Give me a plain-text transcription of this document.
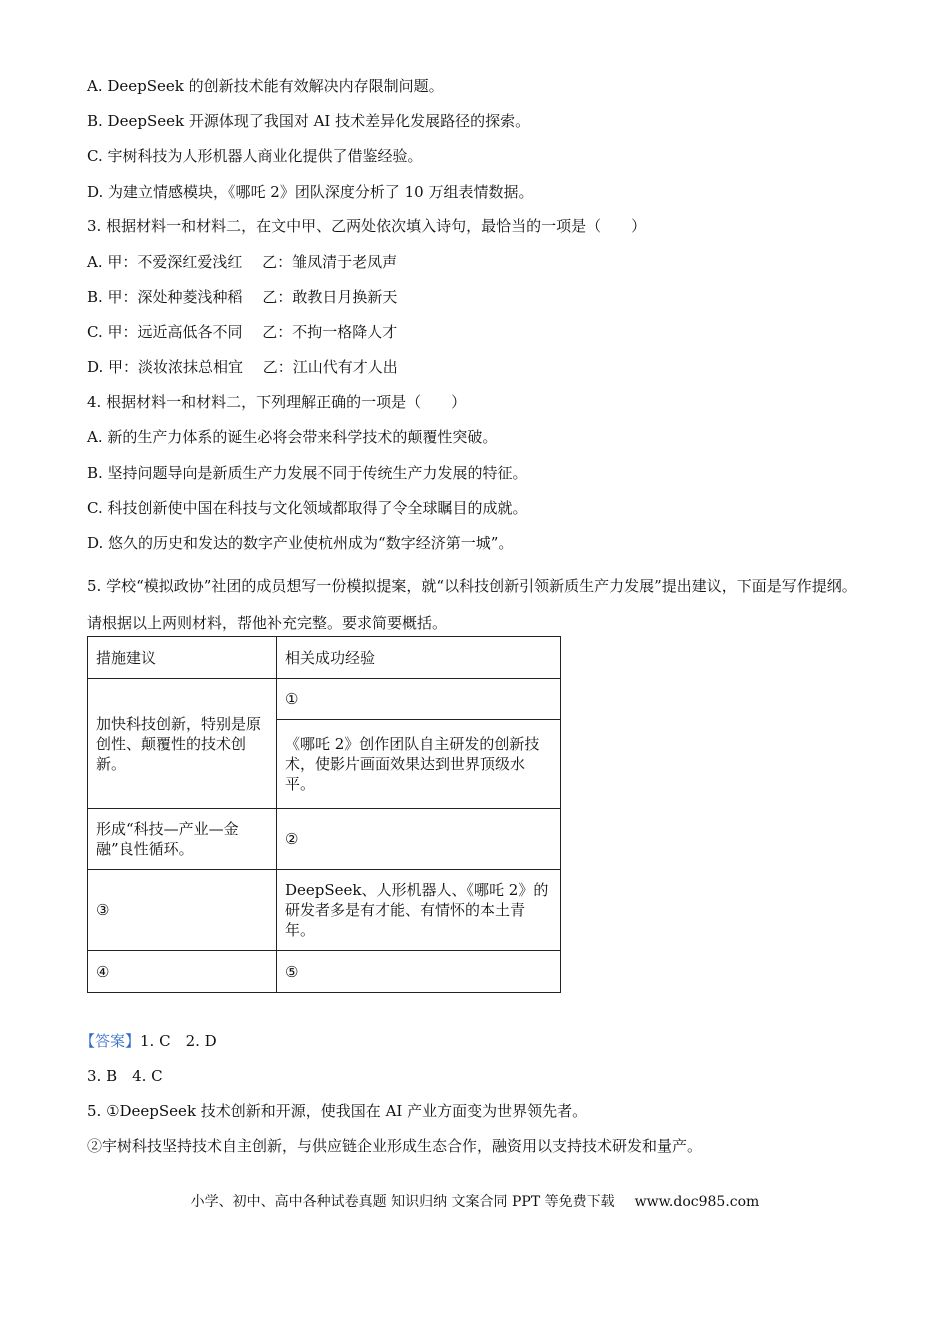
A. DeepSeek 的创新技术能有效解决内存限制问题。
B. DeepSeek 开源体现了我国对 AI 技术差异化发展路径的探索。
C. 宇树科技为人形机器人商业化提供了借鉴经验。
D. 为建立情感模块，《哪吒 2》团队深度分析了 10 万组表情数据。
3. 根据材料一和材料二，在文中甲、乙两处依次填入诗句，最恰当的一项是（　　）
A. 甲：不爱深红爱浅红　 乙：雏凤清于老凤声
B. 甲：深处种菱浅种稻　 乙：敢教日月换新天
C. 甲：远近高低各不同　 乙：不拘一格降人才
D. 甲：淡妆浓抹总相宜　 乙：江山代有才人出
4. 根据材料一和材料二，下列理解正确的一项是（　　）
A. 新的生产力体系的诞生必将会带来科学技术的颠覆性突破。
B. 坚持问题导向是新质生产力发展不同于传统生产力发展的特征。
C. 科技创新使中国在科技与文化领域都取得了令全球瞩目的成就。
D. 悠久的历史和发达的数字产业使杭州成为“数字经济第一城”。
5. 学校“模拟政协”社团的成员想写一份模拟提案，就“以科技创新引领新质生产力发展”提出建议，下面是写作提纲。请根据以上两则材料，帮他补充完整。要求简要概括。
措施建议	相关成功经验
加快科技创新，特别是原创性、颠覆性的技术创新。	①
	《哪吒 2》创作团队自主研发的创新技术，使影片画面效果达到世界顶级水平。
形成“科技—产业—金融”良性循环。	②
③	DeepSeek、人形机器人、《哪吒 2》的研发者多是有才能、有情怀的本土青年。
④	⑤
【答案】1. C　2. D
3. B　4. C
5. ①DeepSeek 技术创新和开源，使我国在 AI 产业方面变为世界领先者。
②宇树科技坚持技术自主创新，与供应链企业形成生态合作，融资用以支持技术研发和量产。
小学、初中、高中各种试卷真题 知识归纳 文案合同 PPT 等免费下载 www.doc985.com
